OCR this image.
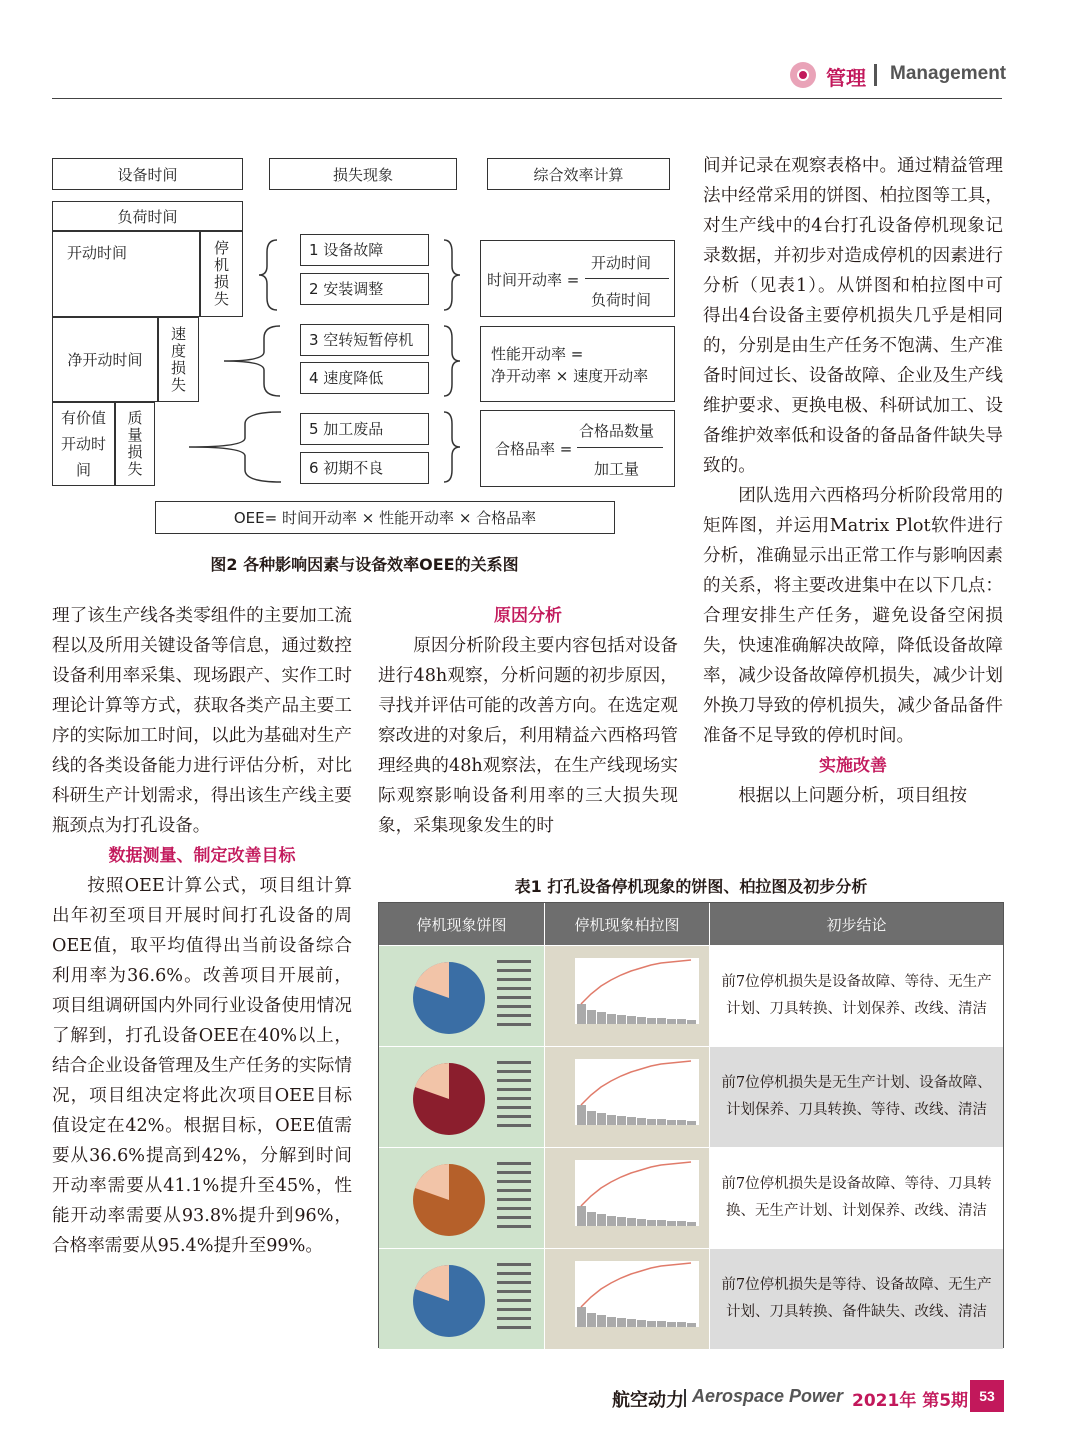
管理 Management
设备时间	损失现象	综合效率计算
负荷时间
开动时间	停机损失
净开动时间	速度损失
有价值开动时间	质量损失
1 设备故障
2 安装调整
3 空转短暂停机
4 速度降低
5 加工废品
6 初期不良
时间开动率 =
开动时间
负荷时间
性能开动率 =
净开动率 × 速度开动率
合格品率 =
合格品数量
加工量
OEE= 时间开动率 × 性能开动率 × 合格品率
图2 各种影响因素与设备效率OEE的关系图

理了该生产线各类零组件的主要加工流程以及所用关键设备等信息，通过数控设备利用率采集、现场跟产、实作工时理论计算等方式，获取各类产品主要工序的实际加工时间，以此为基础对生产线的各类设备能力进行评估分析，对比科研生产计划需求，得出该生产线主要瓶颈点为打孔设备。

数据测量、制定改善目标

按照OEE计算公式，项目组计算出年初至项目开展时间打孔设备的周OEE值，取平均值得出当前设备综合利用率为36.6%。改善项目开展前，项目组调研国内外同行业设备使用情况了解到，打孔设备OEE在40%以上，结合企业设备管理及生产任务的实际情况，项目组决定将此次项目OEE目标值设定在42%。根据目标，OEE值需要从36.6%提高到42%，分解到时间开动率需要从41.1%提升至45%，性能开动率需要从93.8%提升到96%，合格率需要从95.4%提升至99%。

原因分析

原因分析阶段主要内容包括对设备进行48h观察，分析问题的初步原因，寻找并评估可能的改善方向。在选定观察改进的对象后，利用精益六西格玛管理经典的48h观察法，在生产线现场实际观察影响设备利用率的三大损失现象，采集现象发生的时

间并记录在观察表格中。通过精益管理法中经常采用的饼图、柏拉图等工具，对生产线中的4台打孔设备停机现象记录数据，并初步对造成停机的因素进行分析（见表1）。从饼图和柏拉图中可得出4台设备主要停机损失几乎是相同的，分别是由生产任务不饱满、生产准备时间过长、设备故障、企业及生产线维护要求、更换电极、科研试加工、设备维护效率低和设备的备品备件缺失导致的。

团队选用六西格玛分析阶段常用的矩阵图，并运用Matrix Plot软件进行分析，准确显示出正常工作与影响因素的关系，将主要改进集中在以下几点：合理安排生产任务，避免设备空闲损失，快速准确解决故障，降低设备故障率，减少设备故障停机损失，减少计划外换刀导致的停机损失，减少备品备件准备不足导致的停机时间。

实施改善

根据以上问题分析，项目组按

表1 打孔设备停机现象的饼图、柏拉图及初步分析
停机现象饼图	停机现象柏拉图	初步结论
前7位停机损失是设备故障、等待、无生产计划、刀具转换、计划保养、改线、清洁
前7位停机损失是无生产计划、设备故障、计划保养、刀具转换、等待、改线、清洁
前7位停机损失是设备故障、等待、刀具转换、无生产计划、计划保养、改线、清洁
前7位停机损失是等待、设备故障、无生产计划、刀具转换、备件缺失、改线、清洁
航空动力 Aerospace Power 2021年 第5期 53
